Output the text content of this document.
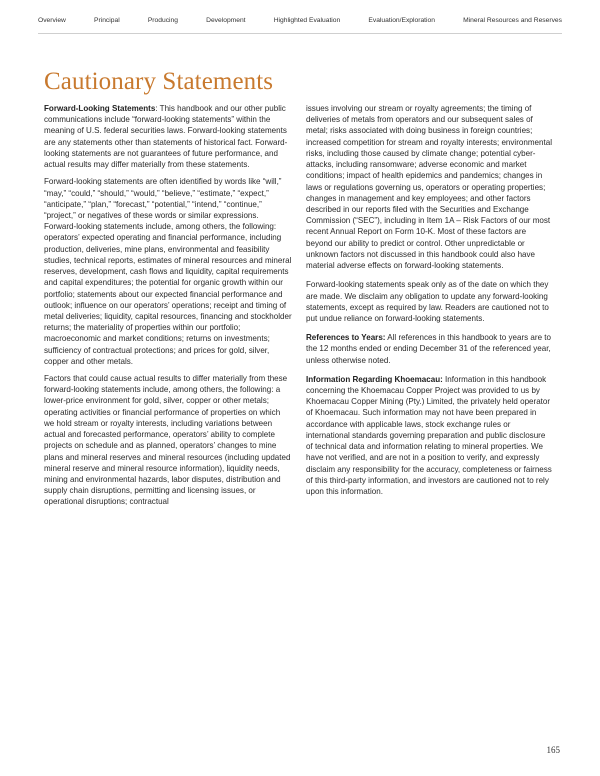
Overview	Principal	Producing	Development	Highlighted Evaluation	Evaluation/Exploration	Mineral Resources and Reserves
Cautionary Statements

Forward-Looking Statements: This handbook and our other public communications include “forward-looking statements” within the meaning of U.S. federal securities laws. Forward-looking statements are any statements other than statements of historical fact. Forward-looking statements are not guarantees of future performance, and actual results may differ materially from these statements.

Forward-looking statements are often identified by words like “will,” “may,” “could,” “should,” “would,” “believe,” “estimate,” “expect,” “anticipate,” “plan,” “forecast,” “potential,” “intend,” “continue,” “project,” or negatives of these words or similar expressions. Forward-looking statements include, among others, the following: operators’ expected operating and financial performance, including production, deliveries, mine plans, environmental and feasibility studies, technical reports, estimates of mineral resources and mineral reserves, development, cash flows and liquidity, capital requirements and capital expenditures; the potential for organic growth within our portfolio; statements about our expected financial performance and outlook; influence on our operators’ operations; receipt and timing of metal deliveries; liquidity, capital resources, financing and stockholder returns; the materiality of properties within our portfolio; macroeconomic and market conditions; returns on investments; sufficiency of contractual protections; and prices for gold, silver, copper and other metals.

Factors that could cause actual results to differ materially from these forward-looking statements include, among others, the following: a lower-price environment for gold, silver, copper or other metals; operating activities or financial performance of properties on which we hold stream or royalty interests, including variations between actual and forecasted performance, operators’ ability to complete projects on schedule and as planned, operators’ changes to mine plans and mineral reserves and mineral resources (including updated mineral reserve and mineral resource information), liquidity needs, mining and environmental hazards, labor disputes, distribution and supply chain disruptions, permitting and licensing issues, or operational disruptions; contractual

issues involving our stream or royalty agreements; the timing of deliveries of metals from operators and our subsequent sales of metal; risks associated with doing business in foreign countries; increased competition for stream and royalty interests; environmental risks, including those caused by climate change; potential cyber-attacks, including ransomware; adverse economic and market conditions; impact of health epidemics and pandemics; changes in laws or regulations governing us, operators or operating properties; changes in management and key employees; and other factors described in our reports filed with the Securities and Exchange Commission (“SEC”), including in Item 1A – Risk Factors of our most recent Annual Report on Form 10-K. Most of these factors are beyond our ability to predict or control. Other unpredictable or unknown factors not discussed in this handbook could also have material adverse effects on forward-looking statements.

Forward-looking statements speak only as of the date on which they are made. We disclaim any obligation to update any forward-looking statements, except as required by law. Readers are cautioned not to put undue reliance on forward-looking statements.

References to Years: All references in this handbook to years are to the 12 months ended or ending December 31 of the referenced year, unless otherwise noted.

Information Regarding Khoemacau: Information in this handbook concerning the Khoemacau Copper Project was provided to us by Khoemacau Copper Mining (Pty.) Limited, the privately held operator of Khoemacau. Such information may not have been prepared in accordance with applicable laws, stock exchange rules or international standards governing preparation and public disclosure of technical data and information relating to mineral properties. We have not verified, and are not in a position to verify, and expressly disclaim any responsibility for the accuracy, completeness or fairness of this third-party information, and investors are cautioned not to rely upon this information.

165
